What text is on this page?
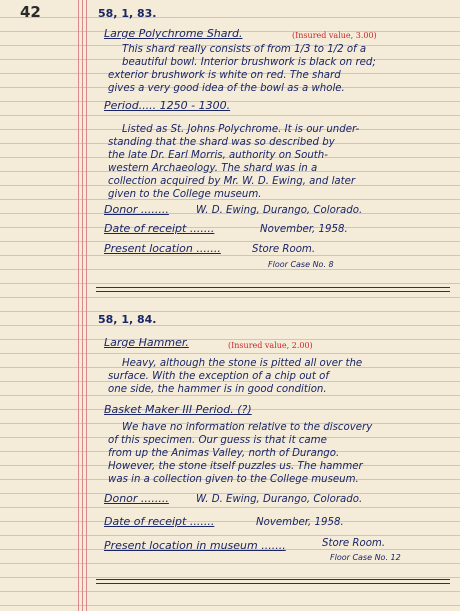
42	58, 1, 83.
Large Polychrome Shard.	(Insured value, 3.00)
This shard really consists of from 1/3 to 1/2 of a
beautiful bowl. Interior brushwork is black on red;
exterior brushwork is white on red. The shard
gives a very good idea of the bowl as a whole.
Period..... 1250 - 1300.
Listed as St. Johns Polychrome. It is our under-
standing that the shard was so described by
the late Dr. Earl Morris, authority on South-
western Archaeology. The shard was in a
collection acquired by Mr. W. D. Ewing, and later
given to the College museum.
Donor ........	W. D. Ewing, Durango, Colorado.
Date of receipt .......	November, 1958.
Present location .......	Store Room.
Floor Case No. 8
58, 1, 84.
Large Hammer.	(Insured value, 2.00)
Heavy, although the stone is pitted all over the
surface. With the exception of a chip out of
one side, the hammer is in good condition.
Basket Maker III Period. (?)
We have no information relative to the discovery
of this specimen. Our guess is that it came
from up the Animas Valley, north of Durango.
However, the stone itself puzzles us. The hammer
was in a collection given to the College museum.
Donor ........	W. D. Ewing, Durango, Colorado.
Date of receipt .......	November, 1958.
Present location in museum .......	Store Room.
Floor Case No. 12
